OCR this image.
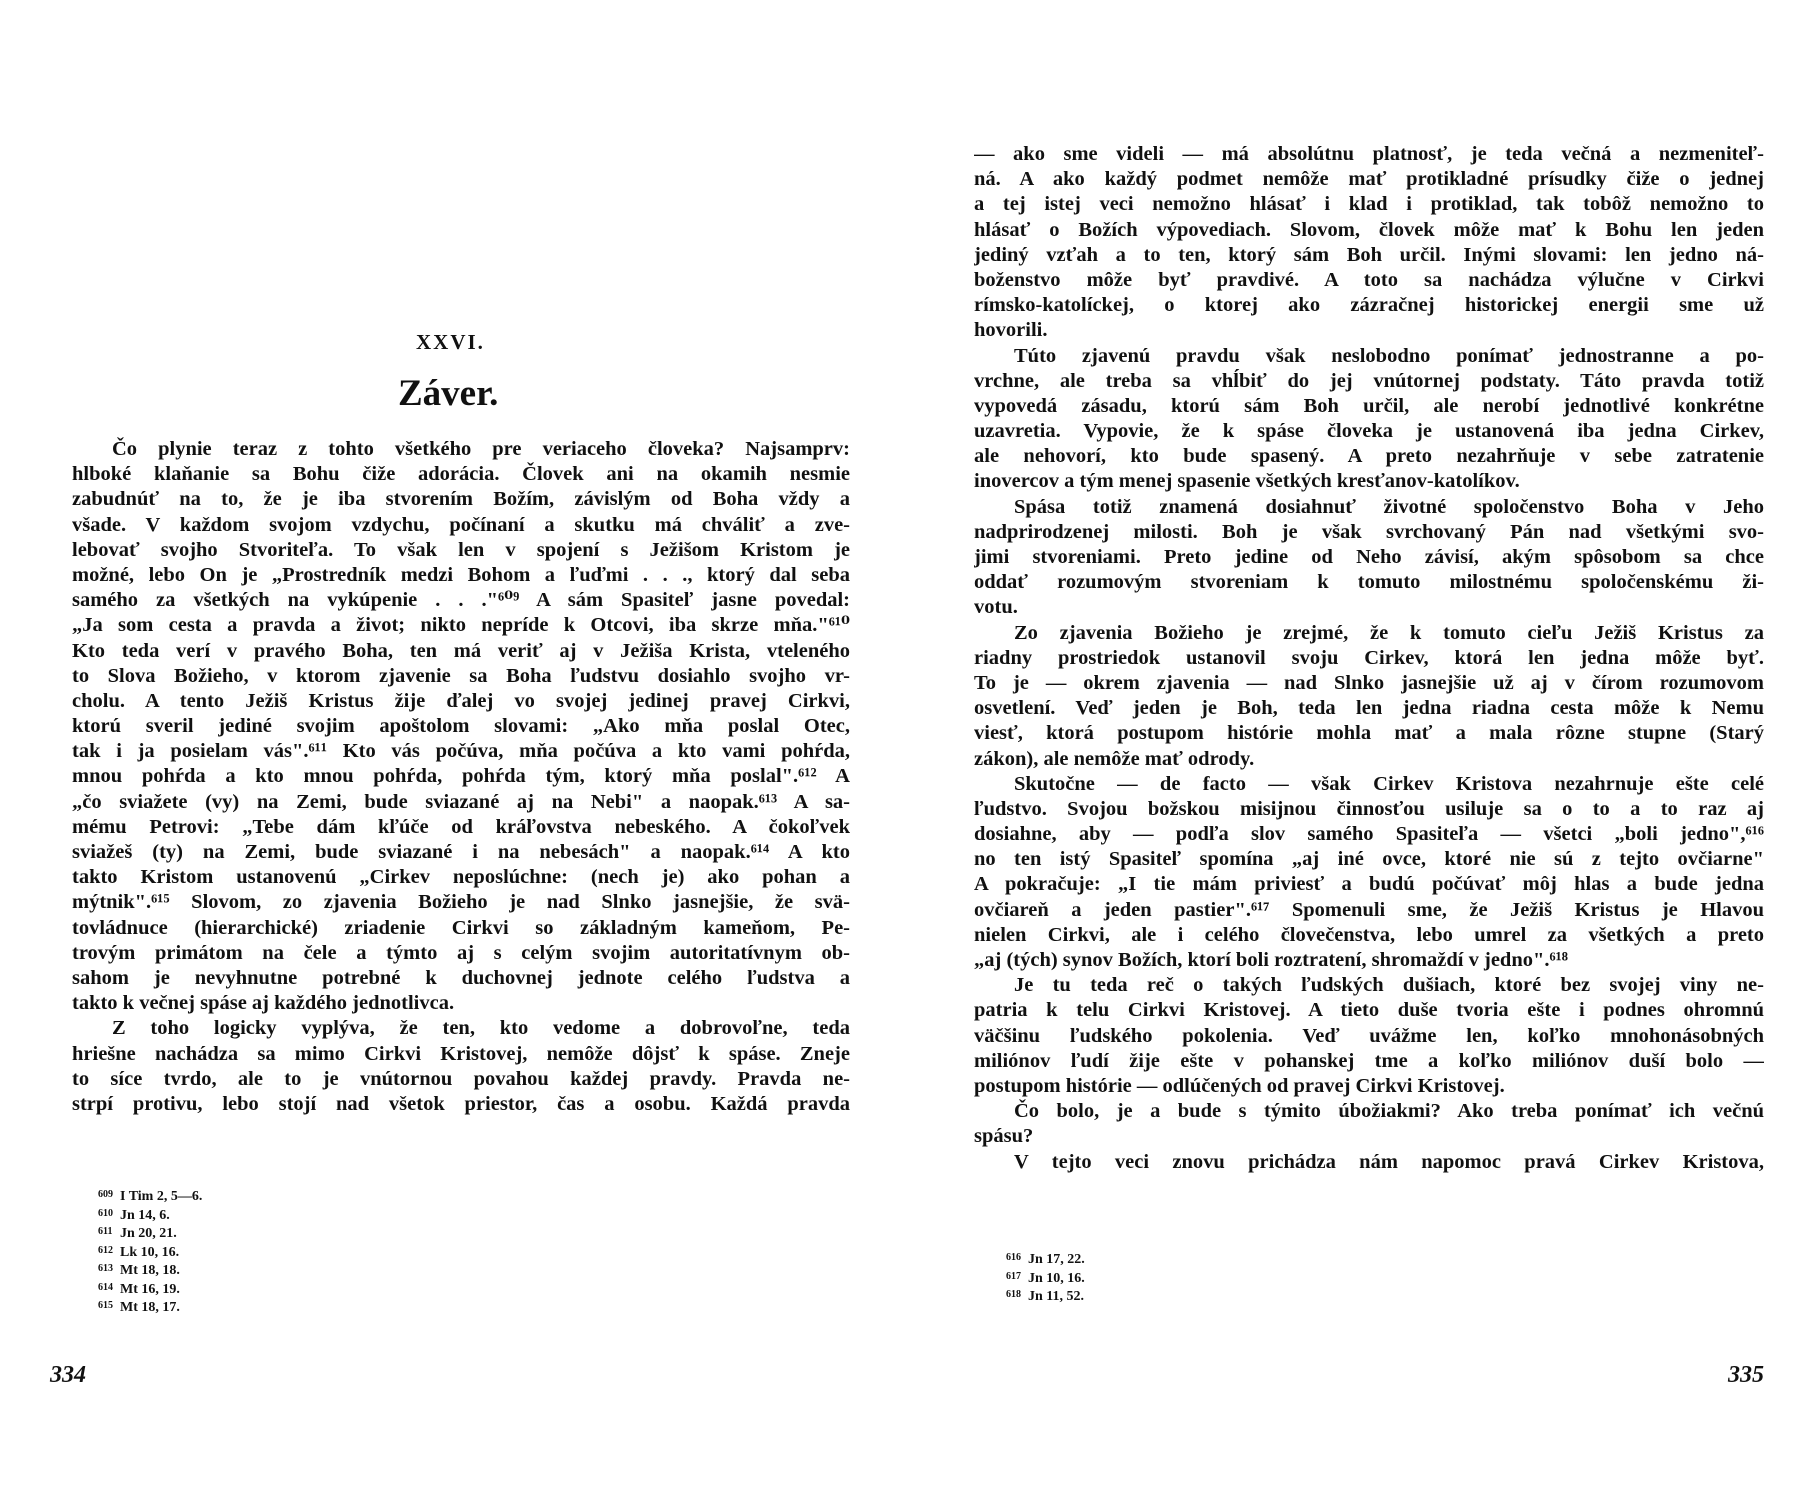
XXVI.
Záver.
Čo plynie teraz z tohto všetkého pre veriaceho človeka? Najsamprv:
hlboké klaňanie sa Bohu čiže adorácia. Človek ani na okamih nesmie
zabudnúť na to, že je iba stvorením Božím, závislým od Boha vždy a
všade. V každom svojom vzdychu, počínaní a skutku má chváliť a zve-
lebovať svojho Stvoriteľa. To však len v spojení s Ježišom Kristom je
možné, lebo On je „Prostredník medzi Bohom a ľuďmi . . ., ktorý dal seba
samého za všetkých na vykúpenie . . ."⁶⁰⁹ A sám Spasiteľ jasne povedal:
„Ja som cesta a pravda a život; nikto nepríde k Otcovi, iba skrze mňa."⁶¹⁰
Kto teda verí v pravého Boha, ten má veriť aj v Ježiša Krista, vteleného
to Slova Božieho, v ktorom zjavenie sa Boha ľudstvu dosiahlo svojho vr-
cholu. A tento Ježiš Kristus žije ďalej vo svojej jedinej pravej Cirkvi,
ktorú sveril jediné svojim apoštolom slovami: „Ako mňa poslal Otec,
tak i ja posielam vás".⁶¹¹ Kto vás počúva, mňa počúva a kto vami pohŕda,
mnou pohŕda a kto mnou pohŕda, pohŕda tým, ktorý mňa poslal".⁶¹² A
„čo sviažete (vy) na Zemi, bude sviazané aj na Nebi" a naopak.⁶¹³ A sa-
mému Petrovi: „Tebe dám kľúče od kráľovstva nebeského. A čokoľvek
sviažeš (ty) na Zemi, bude sviazané i na nebesách" a naopak.⁶¹⁴ A kto
takto Kristom ustanovenú „Cirkev neposlúchne: (nech je) ako pohan a
mýtnik".⁶¹⁵ Slovom, zo zjavenia Božieho je nad Slnko jasnejšie, že svä-
tovládnuce (hierarchické) zriadenie Cirkvi so základným kameňom, Pe-
trovým primátom na čele a týmto aj s celým svojim autoritatívnym ob-
sahom je nevyhnutne potrebné k duchovnej jednote celého ľudstva a
takto k večnej spáse aj každého jednotlivca.
Z toho logicky vyplýva, že ten, kto vedome a dobrovoľne, teda
hriešne nachádza sa mimo Cirkvi Kristovej, nemôže dôjsť k spáse. Zneje
to síce tvrdo, ale to je vnútornou povahou každej pravdy. Pravda ne-
strpí protivu, lebo stojí nad všetok priestor, čas a osobu. Každá pravda
609 I Tim 2, 5—6.
610 Jn 14, 6.
611 Jn 20, 21.
612 Lk 10, 16.
613 Mt 18, 18.
614 Mt 16, 19.
615 Mt 18, 17.
334
— ako sme videli — má absolútnu platnosť, je teda večná a nezmeniteľ-
ná. A ako každý podmet nemôže mať protikladné prísudky čiže o jednej
a tej istej veci nemožno hlásať i klad i protiklad, tak tobôž nemožno to
hlásať o Božích výpovediach. Slovom, človek môže mať k Bohu len jeden
jediný vzťah a to ten, ktorý sám Boh určil. Inými slovami: len jedno ná-
boženstvo môže byť pravdivé. A toto sa nachádza výlučne v Cirkvi
rímsko-katolíckej, o ktorej ako zázračnej historickej energii sme už
hovorili.
Túto zjavenú pravdu však neslobodno ponímať jednostranne a po-
vrchne, ale treba sa vhĺbiť do jej vnútornej podstaty. Táto pravda totiž
vypovedá zásadu, ktorú sám Boh určil, ale nerobí jednotlivé konkrétne
uzavretia. Vypovie, že k spáse človeka je ustanovená iba jedna Cirkev,
ale nehovorí, kto bude spasený. A preto nezahrňuje v sebe zatratenie
inovercov a tým menej spasenie všetkých kresťanov-katolíkov.
Spása totiž znamená dosiahnuť životné spoločenstvo Boha v Jeho
nadprirodzenej milosti. Boh je však svrchovaný Pán nad všetkými svo-
jimi stvoreniami. Preto jedine od Neho závisí, akým spôsobom sa chce
oddať rozumovým stvoreniam k tomuto milostnému spoločenskému ži-
votu.
Zo zjavenia Božieho je zrejmé, že k tomuto cieľu Ježiš Kristus za
riadny prostriedok ustanovil svoju Cirkev, ktorá len jedna môže byť.
To je — okrem zjavenia — nad Slnko jasnejšie už aj v čírom rozumovom
osvetlení. Veď jeden je Boh, teda len jedna riadna cesta môže k Nemu
viesť, ktorá postupom histórie mohla mať a mala rôzne stupne (Starý
zákon), ale nemôže mať odrody.
Skutočne — de facto — však Cirkev Kristova nezahrnuje ešte celé
ľudstvo. Svojou božskou misijnou činnosťou usiluje sa o to a to raz aj
dosiahne, aby — podľa slov samého Spasiteľa — všetci „boli jedno",⁶¹⁶
no ten istý Spasiteľ spomína „aj iné ovce, ktoré nie sú z tejto ovčiarne"
A pokračuje: „I tie mám priviesť a budú počúvať môj hlas a bude jedna
ovčiareň a jeden pastier".⁶¹⁷ Spomenuli sme, že Ježiš Kristus je Hlavou
nielen Cirkvi, ale i celého človečenstva, lebo umrel za všetkých a preto
„aj (tých) synov Božích, ktorí boli roztratení, shromaždí v jedno".⁶¹⁸
Je tu teda reč o takých ľudských dušiach, ktoré bez svojej viny ne-
patria k telu Cirkvi Kristovej. A tieto duše tvoria ešte i podnes ohromnú
väčšinu ľudského pokolenia. Veď uvážme len, koľko mnohonásobných
miliónov ľudí žije ešte v pohanskej tme a koľko miliónov duší bolo —
postupom histórie — odlúčených od pravej Cirkvi Kristovej.
Čo bolo, je a bude s týmito úbožiakmi? Ako treba ponímať ich večnú
spásu?
V tejto veci znovu prichádza nám napomoc pravá Cirkev Kristova,
616 Jn 17, 22.
617 Jn 10, 16.
618 Jn 11, 52.
335
